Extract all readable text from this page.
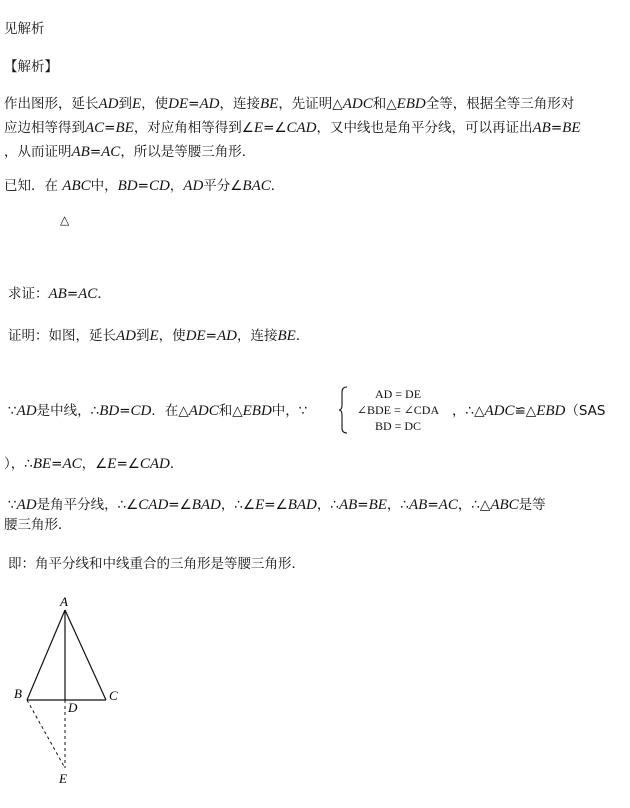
见解析
【解析】
作出图形，延长AD到E，使DE=AD，连接BE，先证明△ADC和△EBD全等，根据全等三角形对
应边相等得到AC=BE，对应角相等得到∠E=∠CAD，又中线也是角平分线，可以再证出AB=BE
，从而证明AB=AC，所以是等腰三角形．
已知．在 ABC中，BD=CD，AD平分∠BAC．
△
求证：AB=AC．
证明：如图，延长AD到E，使DE=AD，连接BE．
∵AD是中线，∴BD=CD．在△ADC和△EBD中，∵
AD = DE
∠BDE = ∠CDA
BD = DC
，∴△ADC≌△EBD（SAS
），∴BE=AC，∠E=∠CAD．
∵AD是角平分线，∴∠CAD=∠BAD，∴∠E=∠BAD，∴AB=BE，∴AB=AC，∴△ABC是等
腰三角形．
即：角平分线和中线重合的三角形是等腰三角形．
A
B	C
D
E
